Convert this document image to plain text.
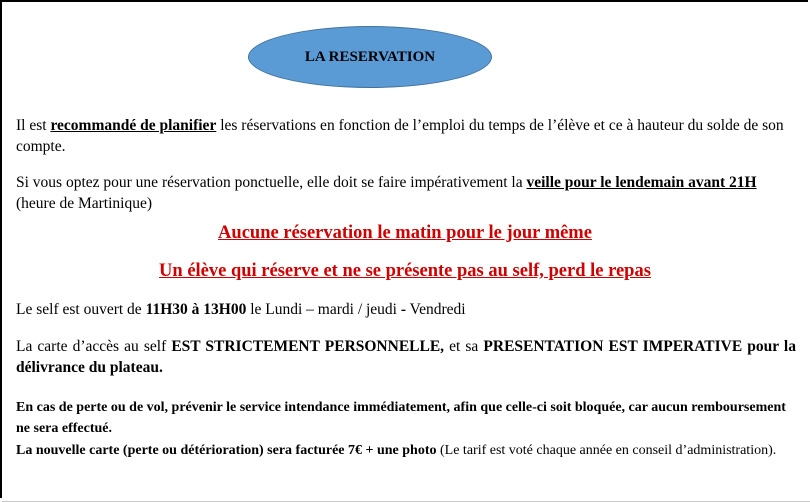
LA RESERVATION
Il est recommandé de planifier les réservations en fonction de l’emploi du temps de l’élève et ce à hauteur du solde de son compte.
Si vous optez pour une réservation ponctuelle, elle doit se faire impérativement la veille pour le lendemain avant 21H (heure de Martinique)
Aucune réservation le matin pour le jour même
Un élève qui réserve et ne se présente pas au self, perd le repas
Le self est ouvert de 11H30 à 13H00 le Lundi – mardi / jeudi - Vendredi
La carte d’accès au self EST STRICTEMENT PERSONNELLE, et sa PRESENTATION EST IMPERATIVE pour la délivrance du plateau.
En cas de perte ou de vol, prévenir le service intendance immédiatement, afin que celle-ci soit bloquée, car aucun remboursement ne sera effectué.
La nouvelle carte (perte ou détérioration) sera facturée 7€ + une photo (Le tarif est voté chaque année en conseil d’administration).
